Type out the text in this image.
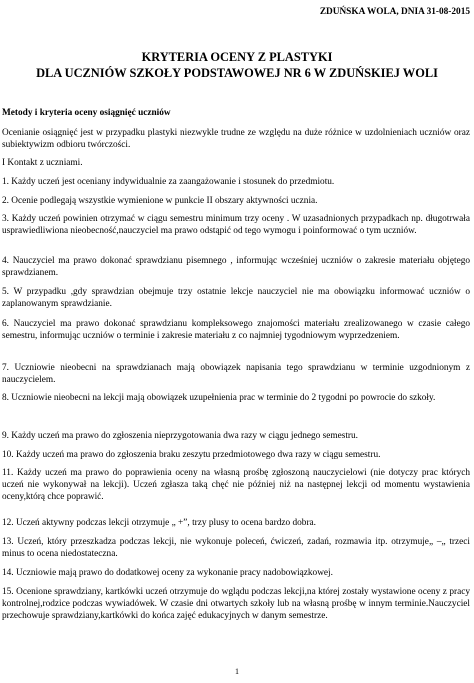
ZDUŃSKA WOLA, DNIA 31-08-2015
KRYTERIA OCENY Z PLASTYKI
DLA UCZNIÓW SZKOŁY PODSTAWOWEJ NR 6 W ZDUŃSKIEJ WOLI
Metody i kryteria oceny osiągnięć uczniów
Ocenianie osiągnięć jest w przypadku plastyki niezwykle trudne ze względu na duże różnice w uzdolnieniach uczniów oraz subiektywizm odbioru twórczości.
I Kontakt z uczniami.
1. Każdy uczeń jest oceniany indywidualnie za zaangażowanie i stosunek do przedmiotu.
2. Ocenie podlegają wszystkie wymienione w punkcie II obszary aktywności ucznia.
3. Każdy uczeń powinien otrzymać w ciągu semestru minimum trzy oceny . W uzasadnionych przypadkach np. długotrwała usprawiedliwiona nieobecność,nauczyciel ma prawo odstąpić od tego wymogu i poinformować o tym uczniów.
4. Nauczyciel ma prawo dokonać sprawdzianu pisemnego , informując wcześniej uczniów o zakresie materiału objętego sprawdzianem.
5. W przypadku ,gdy sprawdzian obejmuje trzy ostatnie lekcje nauczyciel nie ma obowiązku informować uczniów o zaplanowanym sprawdzianie.
6. Nauczyciel ma prawo dokonać sprawdzianu kompleksowego znajomości materiału zrealizowanego w czasie całego semestru, informując uczniów o terminie i zakresie materiału z co najmniej tygodniowym wyprzedzeniem.
7. Uczniowie nieobecni na sprawdzianach mają obowiązek napisania tego sprawdzianu w terminie uzgodnionym z nauczycielem.
8. Uczniowie nieobecni na lekcji mają obowiązek uzupełnienia prac w terminie do 2 tygodni po powrocie do szkoły.
9. Każdy uczeń ma prawo do zgłoszenia nieprzygotowania dwa razy w ciągu jednego semestru.
10. Każdy uczeń ma prawo do zgłoszenia braku zeszytu przedmiotowego dwa razy w ciągu semestru.
11. Każdy uczeń ma prawo do poprawienia oceny na własną prośbę zgłoszoną nauczycielowi (nie dotyczy prac których uczeń nie wykonywał na lekcji). Uczeń zgłasza taką chęć nie później niż na następnej lekcji od momentu wystawienia oceny,którą chce poprawić.
12. Uczeń aktywny podczas lekcji otrzymuje „ +”, trzy plusy to ocena bardzo dobra.
13. Uczeń, który przeszkadza podczas lekcji, nie wykonuje poleceń, ćwiczeń, zadań, rozmawia itp. otrzymuje„ –„ trzeci minus to ocena niedostateczna.
14. Uczniowie mają prawo do dodatkowej oceny za wykonanie pracy nadobowiązkowej.
15. Ocenione sprawdziany, kartkówki uczeń otrzymuje do wglądu podczas lekcji,na której zostały wystawione oceny z pracy kontrolnej,rodzice podczas wywiadówek. W czasie dni otwartych szkoły lub na własną prośbę w innym terminie.Nauczyciel przechowuje sprawdziany,kartkówki do końca zajęć edukacyjnych w danym semestrze.
1
